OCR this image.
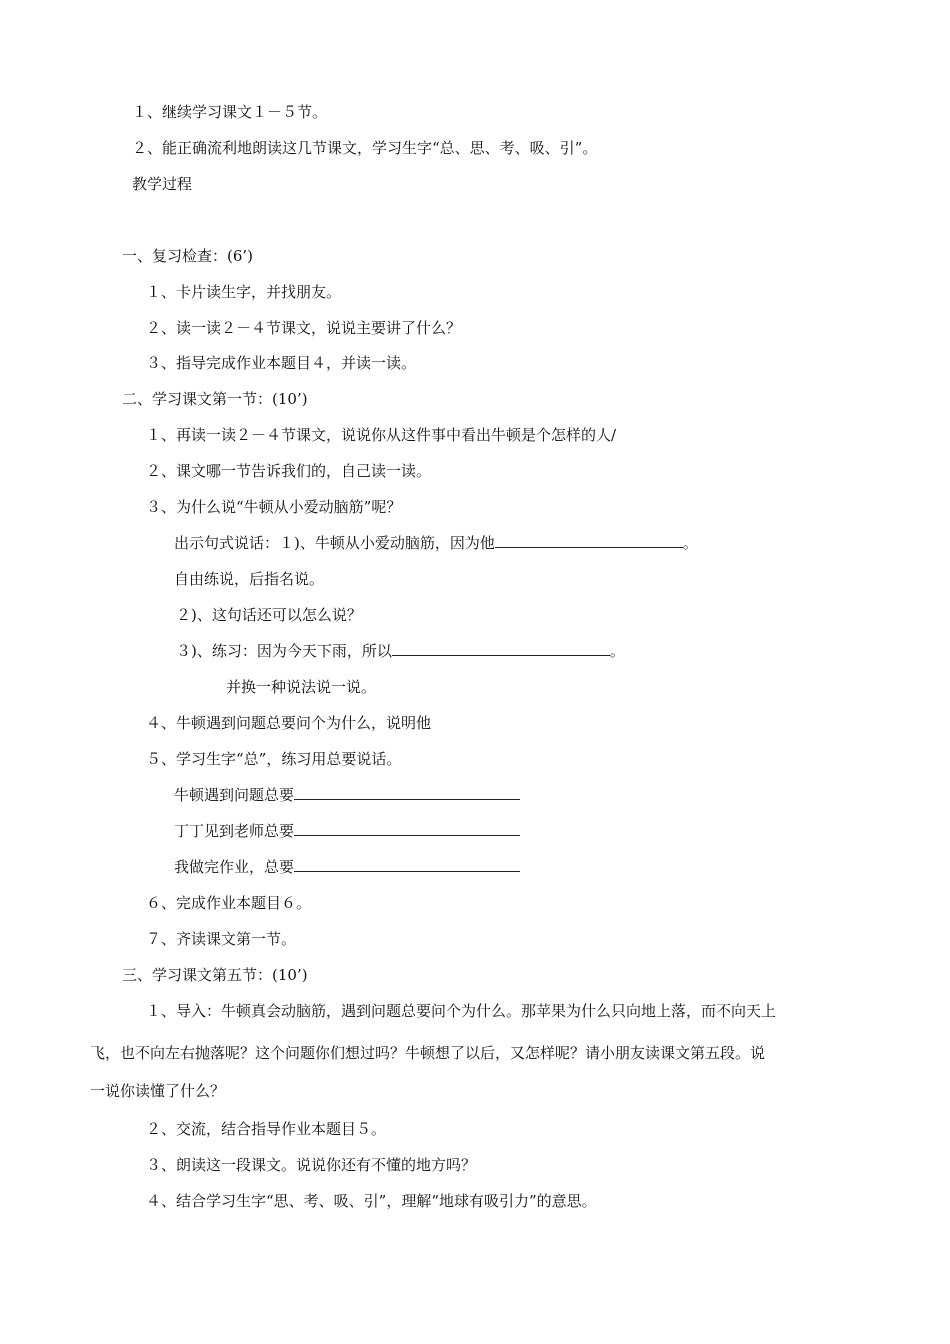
１、继续学习课文１－５节。
２、能正确流利地朗读这几节课文，学习生字“总、思、考、吸、引”。
教学过程
一、复习检查：(6’)
１、卡片读生字，并找朋友。
２、读一读２－４节课文，说说主要讲了什么？
３、指导完成作业本题目４，并读一读。
二、学习课文第一节：(10’)
１、再读一读２－４节课文，说说你从这件事中看出牛顿是个怎样的人/
２、课文哪一节告诉我们的，自己读一读。
３、为什么说“牛顿从小爱动脑筋”呢？
出示句式说话：１)、牛顿从小爱动脑筋，因为他	。
自由练说，后指名说。
２)、这句话还可以怎么说？
３)、练习：因为今天下雨，所以	。
并换一种说法说一说。
４、牛顿遇到问题总要问个为什么，说明他
５、学习生字“总”，练习用总要说话。
牛顿遇到问题总要
丁丁见到老师总要
我做完作业，总要
６、完成作业本题目６。
７、齐读课文第一节。
三、学习课文第五节：(10’)
１、导入：牛顿真会动脑筋，遇到问题总要问个为什么。那苹果为什么只向地上落，而不向天上
飞，也不向左右抛落呢？这个问题你们想过吗？牛顿想了以后，又怎样呢？请小朋友读课文第五段。说
一说你读懂了什么？
２、交流，结合指导作业本题目５。
３、朗读这一段课文。说说你还有不懂的地方吗？
４、结合学习生字“思、考、吸、引”，理解“地球有吸引力”的意思。
